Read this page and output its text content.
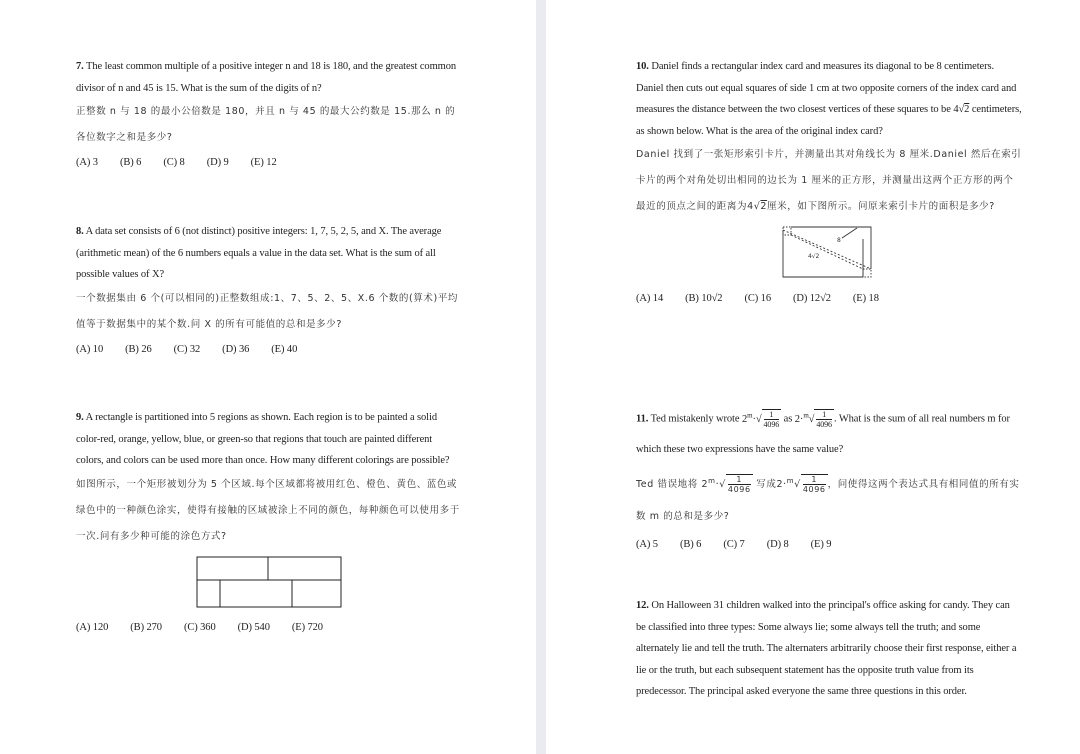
7. The least common multiple of a positive integer n and 18 is 180, and the greatest common divisor of n and 45 is 15. What is the sum of the digits of n?

正整数 n 与 18 的最小公倍数是 180，并且 n 与 45 的最大公约数是 15.那么 n 的各位数字之和是多少?

(A) 3 (B) 6 (C) 8 (D) 9 (E) 12

8. A data set consists of 6 (not distinct) positive integers: 1, 7, 5, 2, 5, and X. The average (arithmetic mean) of the 6 numbers equals a value in the data set. What is the sum of all possible values of X?

一个数据集由 6 个(可以相同的)正整数组成:1、7、5、2、5、X.6 个数的(算术)平均值等于数据集中的某个数.问 X 的所有可能值的总和是多少?

(A) 10 (B) 26 (C) 32 (D) 36 (E) 40

9. A rectangle is partitioned into 5 regions as shown. Each region is to be painted a solid color-red, orange, yellow, blue, or green-so that regions that touch are painted different colors, and colors can be used more than once. How many different colorings are possible?

如图所示，一个矩形被划分为 5 个区域.每个区域都将被用红色、橙色、黄色、蓝色或绿色中的一种颜色涂实，使得有接触的区域被涂上不同的颜色，每种颜色可以使用多于一次.问有多少种可能的涂色方式?

(A) 120 (B) 270 (C) 360 (D) 540 (E) 720

10. Daniel finds a rectangular index card and measures its diagonal to be 8 centimeters. Daniel then cuts out equal squares of side 1 cm at two opposite corners of the index card and measures the distance between the two closest vertices of these squares to be 4√2 centimeters, as shown below. What is the area of the original index card?

Daniel 找到了一张矩形索引卡片，并测量出其对角线长为 8 厘米.Daniel 然后在索引卡片的两个对角处切出相同的边长为 1 厘米的正方形，并测量出这两个正方形的两个最近的顶点之间的距离为4√2厘米，如下图所示。问原来索引卡片的面积是多少?

8
4√2
(A) 14 (B) 10√2 (C) 16 (D) 12√2 (E) 18

11. Ted mistakenly wrote $2^m\cdot√ \frac{1}{4096}$ as $2\cdot^m√ \frac{1}{4096}$ . What is the sum of all real numbers m for which these two expressions have the same value?

Ted 错误地将 $2^m\cdot√ \frac{1}{4096}$ 写成$2\cdot^m√ \frac{1}{4096}$ ，问使得这两个表达式具有相同值的所有实数 m 的总和是多少?

(A) 5 (B) 6 (C) 7 (D) 8 (E) 9

12. On Halloween 31 children walked into the principal's office asking for candy. They can be classified into three types: Some always lie; some always tell the truth; and some alternately lie and tell the truth. The alternaters arbitrarily choose their first response, either a lie or the truth, but each subsequent statement has the opposite truth value from its predecessor. The principal asked everyone the same three questions in this order.
